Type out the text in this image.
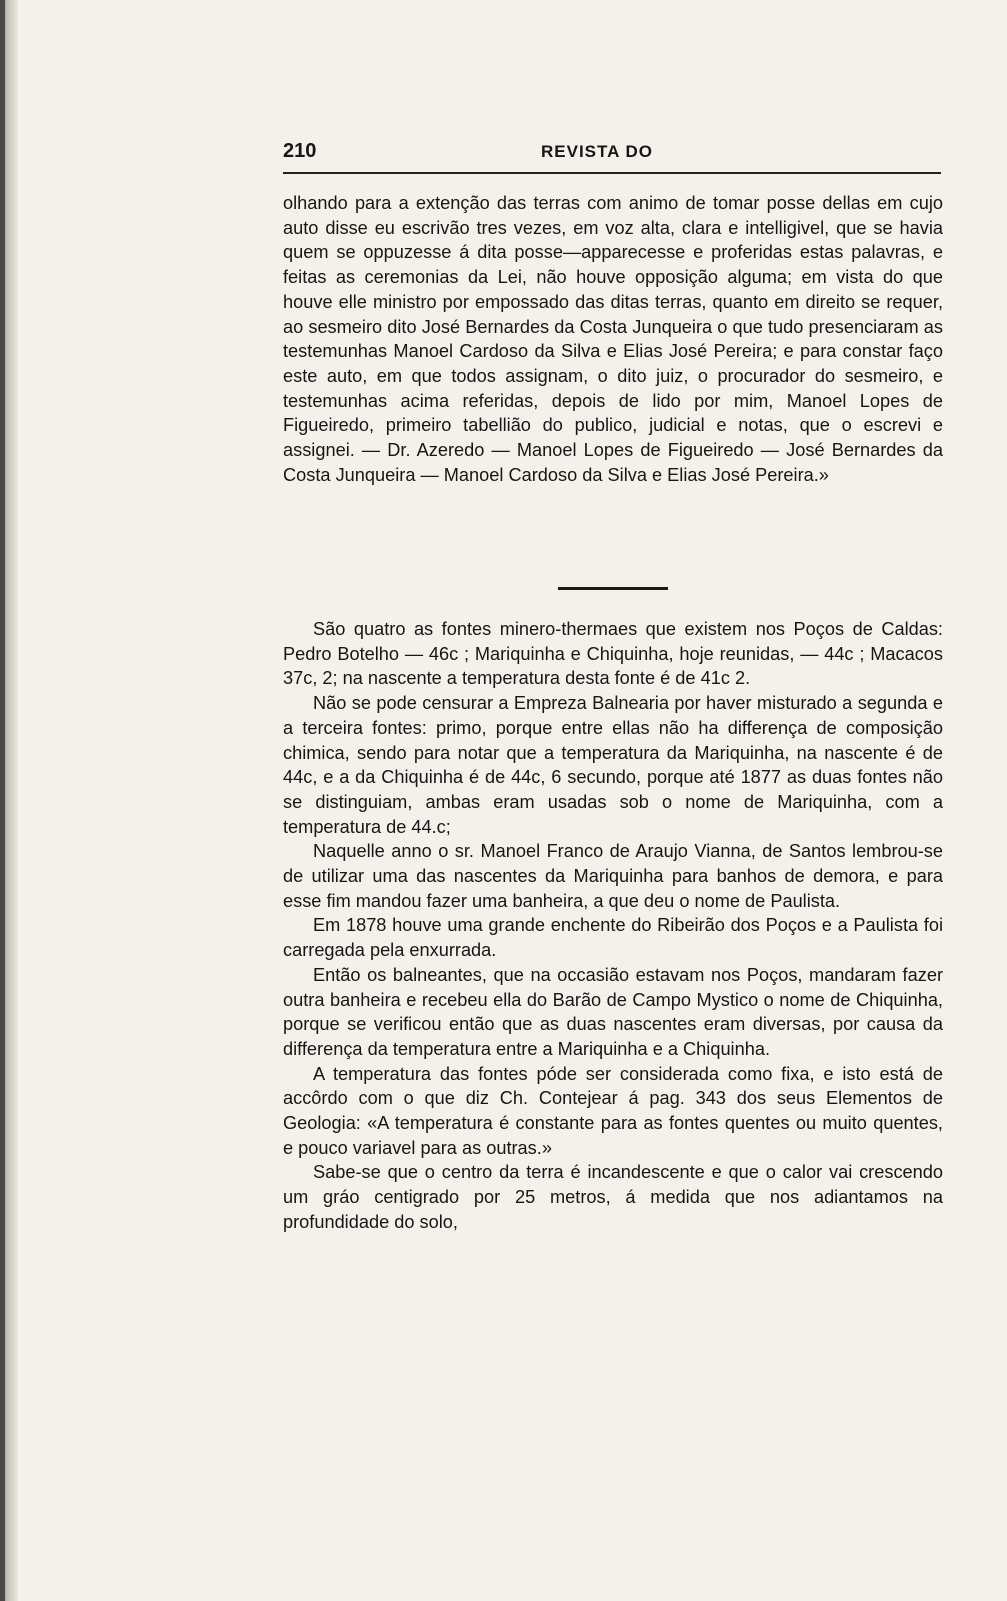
210	REVISTA DO

olhando para a extenção das terras com animo de tomar posse dellas em cujo auto disse eu escrivão tres vezes, em voz alta, clara e intelligivel, que se havia quem se oppuzesse á dita posse—apparecesse e proferidas estas palavras, e feitas as ceremonias da Lei, não houve opposição alguma; em vista do que houve elle ministro por empossado das ditas terras, quanto em direito se requer, ao sesmeiro dito José Bernardes da Costa Junqueira o que tudo presenciaram as testemunhas Manoel Cardoso da Silva e Elias José Pereira; e para constar faço este auto, em que todos assignam, o dito juiz, o procurador do sesmeiro, e testemunhas acima referidas, depois de lido por mim, Manoel Lopes de Figueiredo, primeiro tabellião do publico, judicial e notas, que o escrevi e assignei. — Dr. Azeredo — Manoel Lopes de Figueiredo — José Bernardes da Costa Junqueira — Manoel Cardoso da Silva e Elias José Pereira.»

São quatro as fontes minero-thermaes que existem nos Poços de Caldas: Pedro Botelho — 46c ; Mariquinha e Chiquinha, hoje reunidas, — 44c ; Macacos 37c, 2; na nascente a temperatura desta fonte é de 41c 2.

Não se pode censurar a Empreza Balnearia por haver misturado a segunda e a terceira fontes: primo, porque entre ellas não ha differença de composição chimica, sendo para notar que a temperatura da Mariquinha, na nascente é de 44c, e a da Chiquinha é de 44c, 6 secundo, porque até 1877 as duas fontes não se distinguiam, ambas eram usadas sob o nome de Mariquinha, com a temperatura de 44.c;

Naquelle anno o sr. Manoel Franco de Araujo Vianna, de Santos lembrou-se de utilizar uma das nascentes da Mariquinha para banhos de demora, e para esse fim mandou fazer uma banheira, a que deu o nome de Paulista.

Em 1878 houve uma grande enchente do Ribeirão dos Poços e a Paulista foi carregada pela enxurrada.

Então os balneantes, que na occasião estavam nos Poços, mandaram fazer outra banheira e recebeu ella do Barão de Campo Mystico o nome de Chiquinha, porque se verificou então que as duas nascentes eram diversas, por causa da differença da temperatura entre a Mariquinha e a Chiquinha.

A temperatura das fontes póde ser considerada como fixa, e isto está de accôrdo com o que diz Ch. Contejear á pag. 343 dos seus Elementos de Geologia: «A temperatura é constante para as fontes quentes ou muito quentes, e pouco variavel para as outras.»

Sabe-se que o centro da terra é incandescente e que o calor vai crescendo um gráo centigrado por 25 metros, á medida que nos adiantamos na profundidade do solo,
